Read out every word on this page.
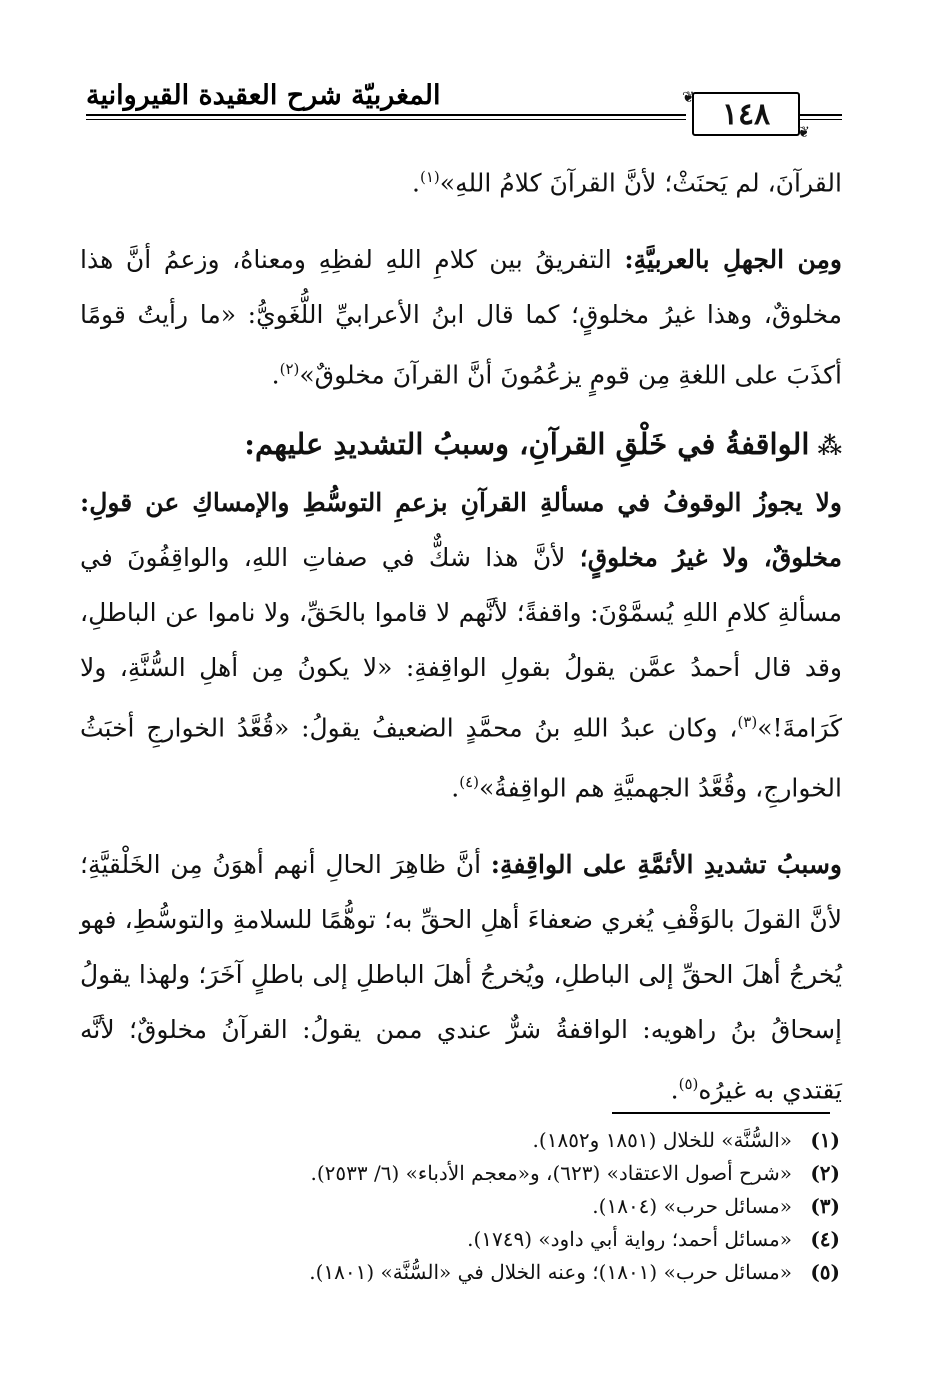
المغربيّة شرح العقيدة القيروانية	❦ ١٤٨
❦

القرآنَ، لم يَحنَثْ؛ لأنَّ القرآنَ كلامُ اللهِ»$^{(١)}$.

ومِن الجهلِ بالعربيَّةِ: التفريقُ بين كلامِ اللهِ لفظِهِ ومعناهُ، وزعمُ أنَّ هذا مخلوقٌ، وهذا غيرُ مخلوقٍ؛ كما قال ابنُ الأعرابيِّ اللُّغَويُّ: «ما رأيتُ قومًا أكذَبَ على اللغةِ مِن قومٍ يزعُمُونَ أنَّ القرآنَ مخلوقٌ»$^{(٢)}$.

⁂الواقفةُ في خَلْقِ القرآنِ، وسببُ التشديدِ عليهم:

ولا يجوزُ الوقوفُ في مسألةِ القرآنِ بزعمِ التوسُّطِ والإمساكِ عن قولِ: مخلوقٌ، ولا غيرُ مخلوقٍ؛ لأنَّ هذا شكٌّ في صفاتِ اللهِ، والواقِفُونَ في مسألةِ كلامِ اللهِ يُسمَّوْنَ: واقفةً؛ لأنَّهم لا قاموا بالحَقِّ، ولا ناموا عن الباطلِ، وقد قال أحمدُ عمَّن يقولُ بقولِ الواقِفةِ: «لا يكونُ مِن أهلِ السُّنَّةِ، ولا كَرَامةَ!»$^{(٣)}$، وكان عبدُ اللهِ بنُ محمَّدٍ الضعيفُ يقولُ: «قُعَّدُ الخوارجِ أخبَثُ الخوارجِ، وقُعَّدُ الجهميَّةِ هم الواقِفةُ»$^{(٤)}$.

وسببُ تشديدِ الأئمَّةِ على الواقِفةِ: أنَّ ظاهِرَ الحالِ أنهم أهوَنُ مِن الخَلْقيَّةِ؛ لأنَّ القولَ بالوَقْفِ يُغري ضعفاءَ أهلِ الحقِّ به؛ توهُّمًا للسلامةِ والتوسُّطِ، فهو يُخرجُ أهلَ الحقِّ إلى الباطلِ، ويُخرجُ أهلَ الباطلِ إلى باطلٍ آخَرَ؛ ولهذا يقولُ إسحاقُ بنُ راهويه: الواقفةُ شرٌّ عندي ممن يقولُ: القرآنُ مخلوقٌ؛ لأنَّه يَقتدي به غيرُه$^{(٥)}$.

(١)«السُّنَّة» للخلال (١٨٥١ و١٨٥٢).

(٢)«شرح أصول الاعتقاد» (٦٢٣)، و«معجم الأدباء» (٦/ ٢٥٣٣).

(٣)«مسائل حرب» (١٨٠٤).

(٤)«مسائل أحمد؛ رواية أبي داود» (١٧٤٩).

(٥)«مسائل حرب» (١٨٠١)؛ وعنه الخلال في «السُّنَّة» (١٨٠١).
